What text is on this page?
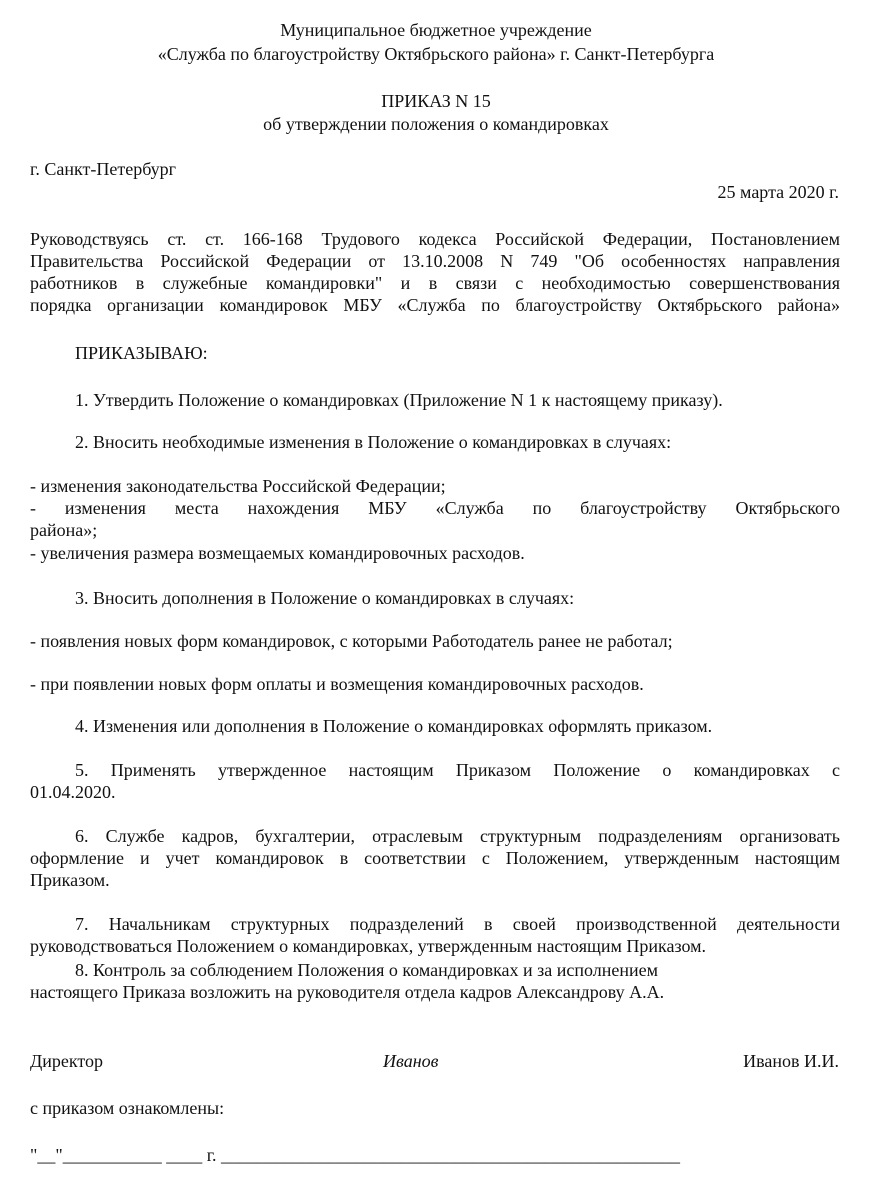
Муниципальное бюджетное учреждение
«Служба по благоустройству Октябрьского района» г. Санкт-Петербурга
ПРИКАЗ N 15
об утверждении положения о командировках
г. Санкт-Петербург
25 марта 2020 г.
Руководствуясь ст. ст. 166-168 Трудового кодекса Российской Федерации, Постановлением
Правительства Российской Федерации от 13.10.2008 N 749 "Об особенностях направления
работников в служебные командировки" и в связи с необходимостью совершенствования
порядка организации командировок МБУ «Служба по благоустройству Октябрьского района»
ПРИКАЗЫВАЮ:
1. Утвердить Положение о командировках (Приложение N 1 к настоящему приказу).
2. Вносить необходимые изменения в Положение о командировках в случаях:
- изменения законодательства Российской Федерации;
- изменения места нахождения МБУ «Служба по благоустройству Октябрьского
района»;
- увеличения размера возмещаемых командировочных расходов.
3. Вносить дополнения в Положение о командировках в случаях:
- появления новых форм командировок, с которыми Работодатель ранее не работал;
- при появлении новых форм оплаты и возмещения командировочных расходов.
4. Изменения или дополнения в Положение о командировках оформлять приказом.
5. Применять утвержденное настоящим Приказом Положение о командировках с
01.04.2020.
6. Службе кадров, бухгалтерии, отраслевым структурным подразделениям организовать
оформление и учет командировок в соответствии с Положением, утвержденным настоящим
Приказом.
7. Начальникам структурных подразделений в своей производственной деятельности
руководствоваться Положением о командировках, утвержденным настоящим Приказом.
8. Контроль за соблюдением Положения о командировках и за исполнением
настоящего Приказа возложить на руководителя отдела кадров Александрову А.А.
Директор	Иванов	Иванов И.И.
с приказом ознакомлены:
"__"___________ ____ г. ___________________________________________________
